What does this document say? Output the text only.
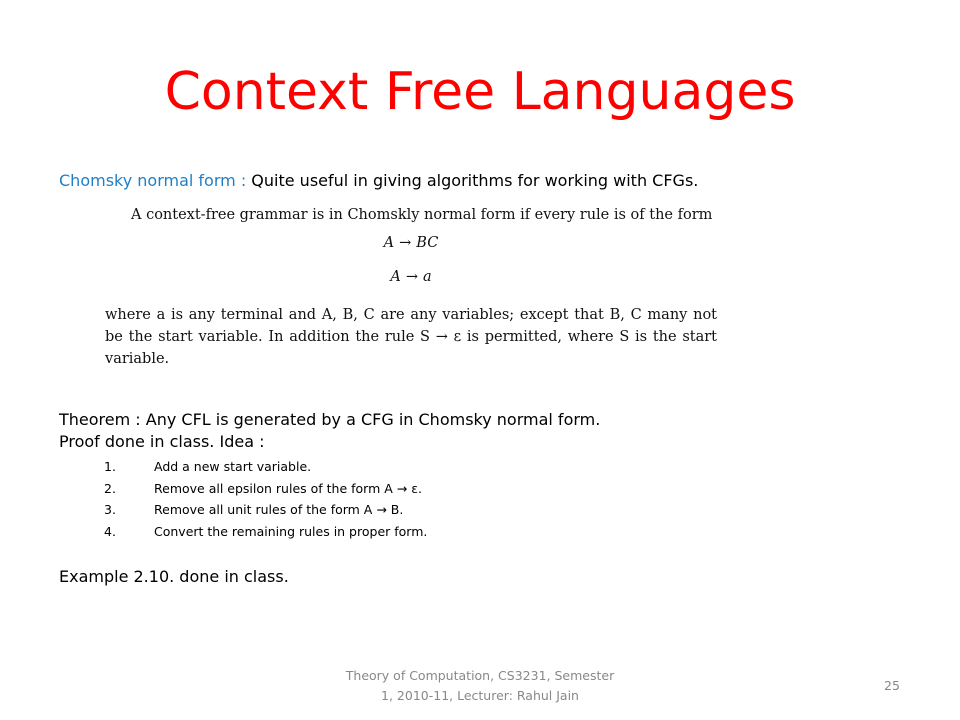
Context Free Languages
Chomsky normal form : Quite useful in giving algorithms for working with CFGs.

A context-free grammar is in Chomskly normal form if every rule is of the form

A → BC

A → a

where a is any terminal and A, B, C are any variables; except that B, C many not be the start variable. In addition the rule S → ε is permitted, where S is the start variable.

Theorem : Any CFL is generated by a CFG in Chomsky normal form.

Proof done in class. Idea :

1.	Add a new start variable.
2.	Remove all epsilon rules of the form A → ε.
3.	Remove all unit rules of the form A → B.
4.	Convert the remaining rules in proper form.
Example 2.10. done in class.
Theory of Computation, CS3231, Semester
1, 2010-11, Lecturer: Rahul Jain
25
